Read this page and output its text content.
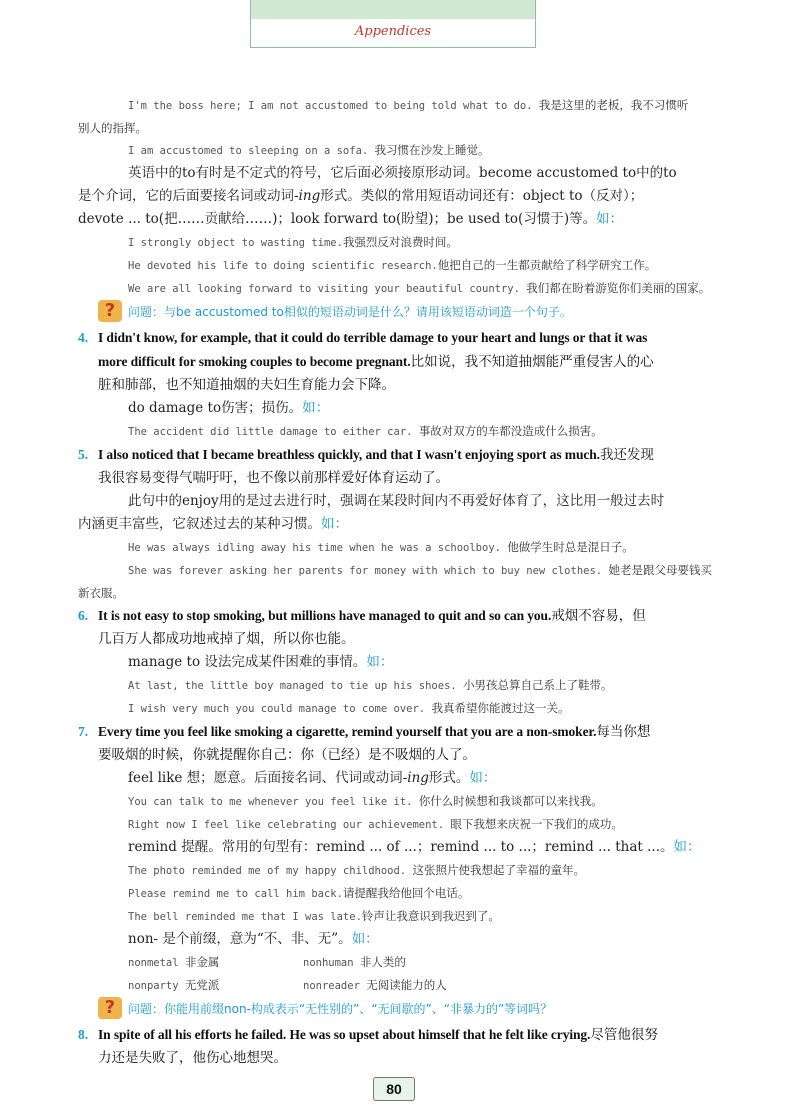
Appendices
I'm the boss here; I am not accustomed to being told what to do. 我是这里的老板，我不习惯听
别人的指挥。
I am accustomed to sleeping on a sofa. 我习惯在沙发上睡觉。
英语中的to有时是不定式的符号，它后面必须接原形动词。become accustomed to中的to
是个介词，它的后面要接名词或动词-ing形式。类似的常用短语动词还有：object to（反对）；
devote ... to(把……贡献给……)；look forward to(盼望)；be used to(习惯于)等。如：
I strongly object to wasting time.我强烈反对浪费时间。
He devoted his life to doing scientific research.他把自己的一生都贡献给了科学研究工作。
We are all looking forward to visiting your beautiful country. 我们都在盼着游览你们美丽的国家。
?	问题：与be accustomed to相似的短语动词是什么？请用该短语动词造一个句子。
4. I didn't know, for example, that it could do terrible damage to your heart and lungs or that it was
more difficult for smoking couples to become pregnant.比如说，我不知道抽烟能严重侵害人的心
脏和肺部，也不知道抽烟的夫妇生育能力会下降。
do damage to伤害；损伤。如：
The accident did little damage to either car. 事故对双方的车都没造成什么损害。
5. I also noticed that I became breathless quickly, and that I wasn't enjoying sport as much.我还发现
我很容易变得气喘吁吁，也不像以前那样爱好体育运动了。
此句中的enjoy用的是过去进行时，强调在某段时间内不再爱好体育了，这比用一般过去时
内涵更丰富些，它叙述过去的某种习惯。如：
He was always idling away his time when he was a schoolboy. 他做学生时总是混日子。
She was forever asking her parents for money with which to buy new clothes. 她老是跟父母要钱买
新衣服。
6. It is not easy to stop smoking, but millions have managed to quit and so can you.戒烟不容易，但
几百万人都成功地戒掉了烟，所以你也能。
manage to 设法完成某件困难的事情。如：
At last, the little boy managed to tie up his shoes. 小男孩总算自己系上了鞋带。
I wish very much you could manage to come over. 我真希望你能渡过这一关。
7. Every time you feel like smoking a cigarette, remind yourself that you are a non-smoker.每当你想
要吸烟的时候，你就提醒你自己：你（已经）是不吸烟的人了。
feel like 想；愿意。后面接名词、代词或动词-ing形式。如：
You can talk to me whenever you feel like it. 你什么时候想和我谈都可以来找我。
Right now I feel like celebrating our achievement. 眼下我想来庆祝一下我们的成功。
remind 提醒。常用的句型有：remind ... of ...；remind ... to ...；remind ... that ...。如：
The photo reminded me of my happy childhood. 这张照片使我想起了幸福的童年。
Please remind me to call him back.请提醒我给他回个电话。
The bell reminded me that I was late.铃声让我意识到我迟到了。
non- 是个前缀，意为“不、非、无”。如：
nonmetal 非金属	nonhuman 非人类的
nonparty 无党派	nonreader 无阅读能力的人
?	问题：你能用前缀non-构成表示“无性别的”、“无间歇的”、“非暴力的”等词吗？
8. In spite of all his efforts he failed. He was so upset about himself that he felt like crying.尽管他很努
力还是失败了，他伤心地想哭。
80
